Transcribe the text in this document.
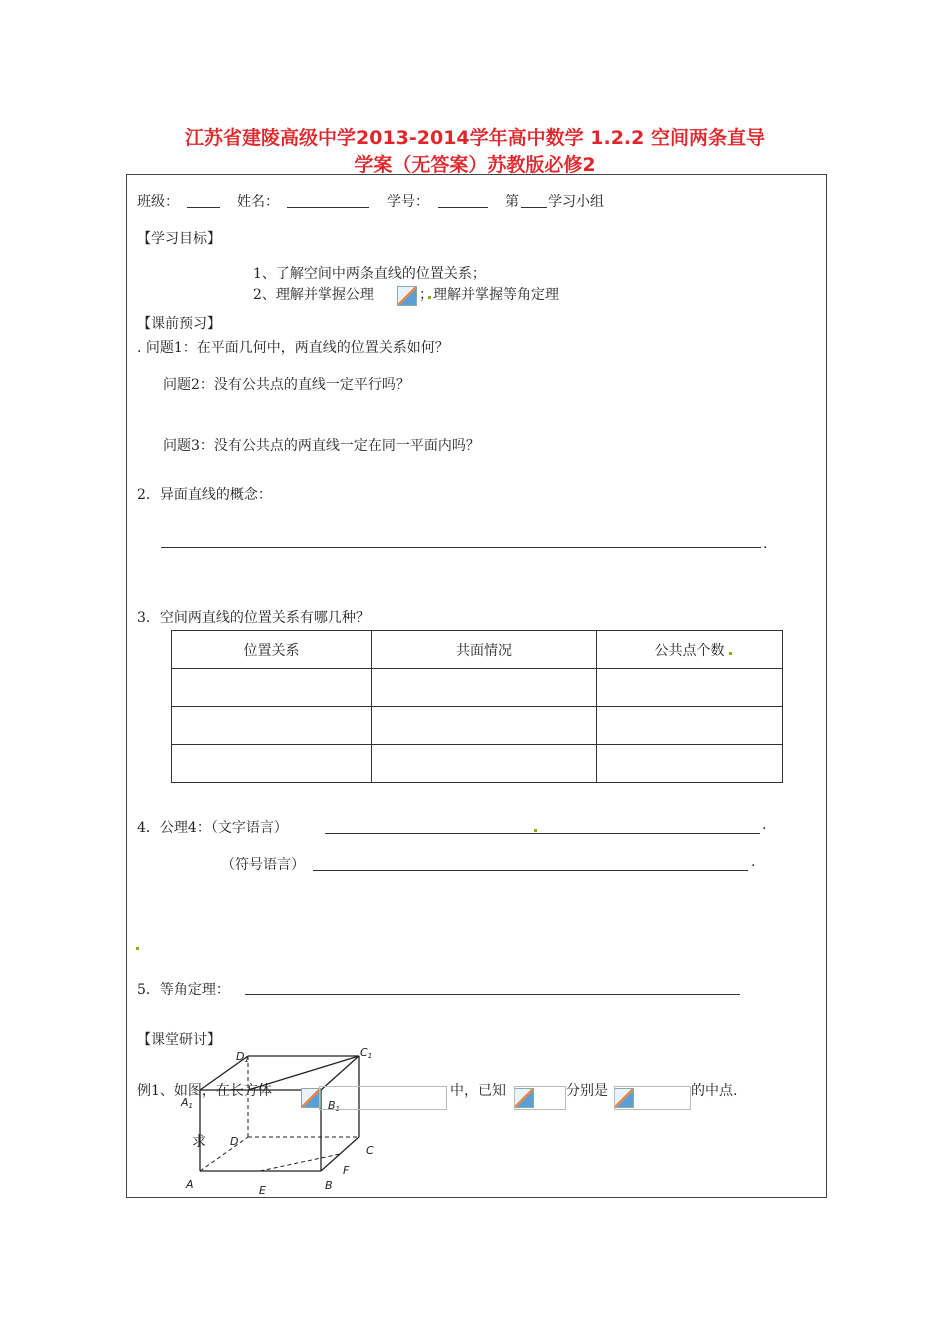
江苏省建陵高级中学2013-2014学年高中数学 1.2.2 空间两条直导
学案（无答案）苏教版必修2
班级：	姓名：	学号：	第 学习小组
【学习目标】
1、了解空间中两条直线的位置关系；
2、理解并掌握公理	；理解并掌握等角定理
【课前预习】
. 问题1：在平面几何中，两直线的位置关系如何？
问题2：没有公共点的直线一定平行吗？
问题3：没有公共点的两直线一定在同一平面内吗？
2．异面直线的概念：
.
3．空间两直线的位置关系有哪几种？
位置关系	共面情况	公共点个数

4．公理4：（文字语言）	.
（符号语言）	.
5．等角定理：
【课堂研讨】
D1
C1
A1	B1
D
C
F
A	B
E
例1、如图，在长方体	中，已知	分别是	的中点.
求
